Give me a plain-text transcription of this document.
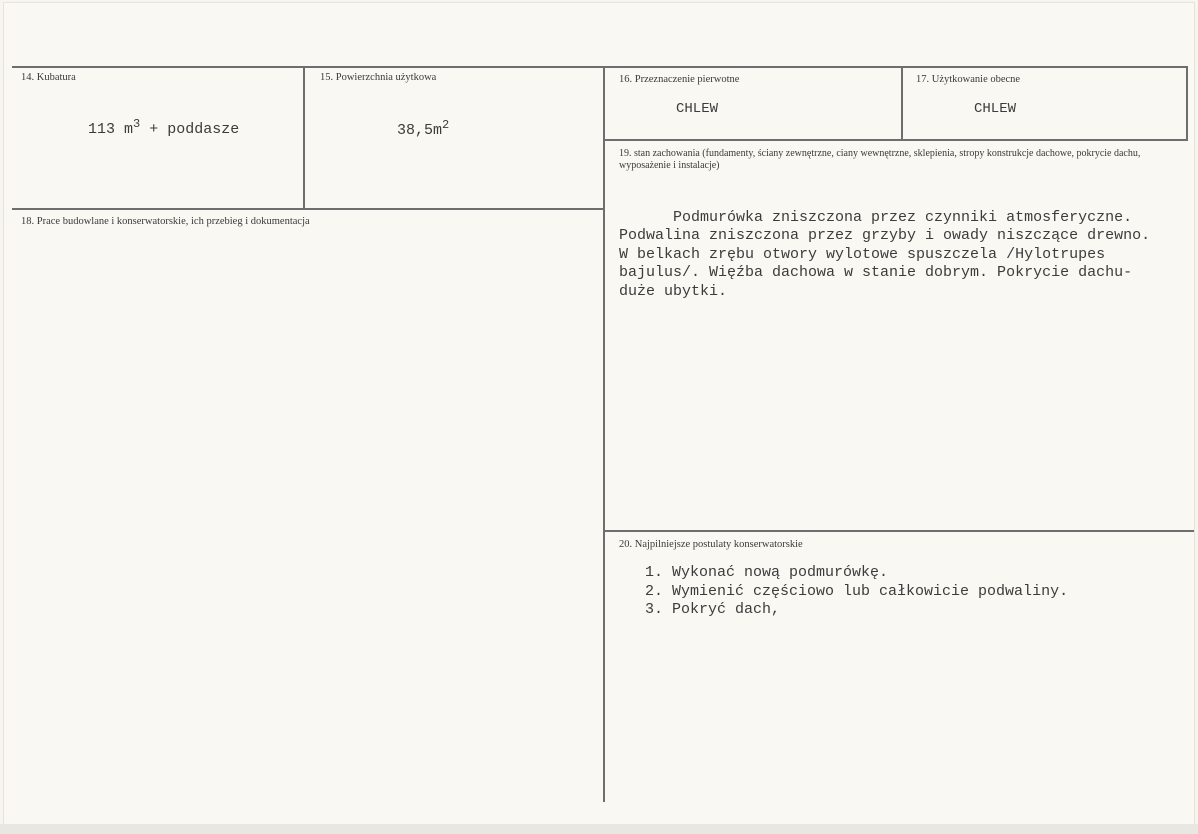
14. Kubatura
113 $m^3$ + poddasze
15. Powierzchnia użytkowa
$38,5m^2$
16. Przeznaczenie pierwotne
CHLEW
17. Użytkowanie obecne
CHLEW
18. Prace budowlane i konserwatorskie, ich przebieg i dokumentacja
19. stan zachowania (fundamenty, ściany zewnętrzne, ciany wewnętrzne, sklepienia, stropy konstrukcje dachowe, pokrycie dachu, wyposażenie i instalacje)

Podmurówka zniszczona przez czynniki atmosferyczne.
Podwalina zniszczona przez grzyby i owady niszczące drewno.
W belkach zrębu otwory wylotowe spuszczela /Hylotrupes
bajulus/. Więźba dachowa w stanie dobrym. Pokrycie dachu-
duże ubytki.

20. Najpilniejsze postulaty konserwatorskie
1. Wykonać nową podmurówkę.
2. Wymienić częściowo lub całkowicie podwaliny.
3. Pokryć dach,
